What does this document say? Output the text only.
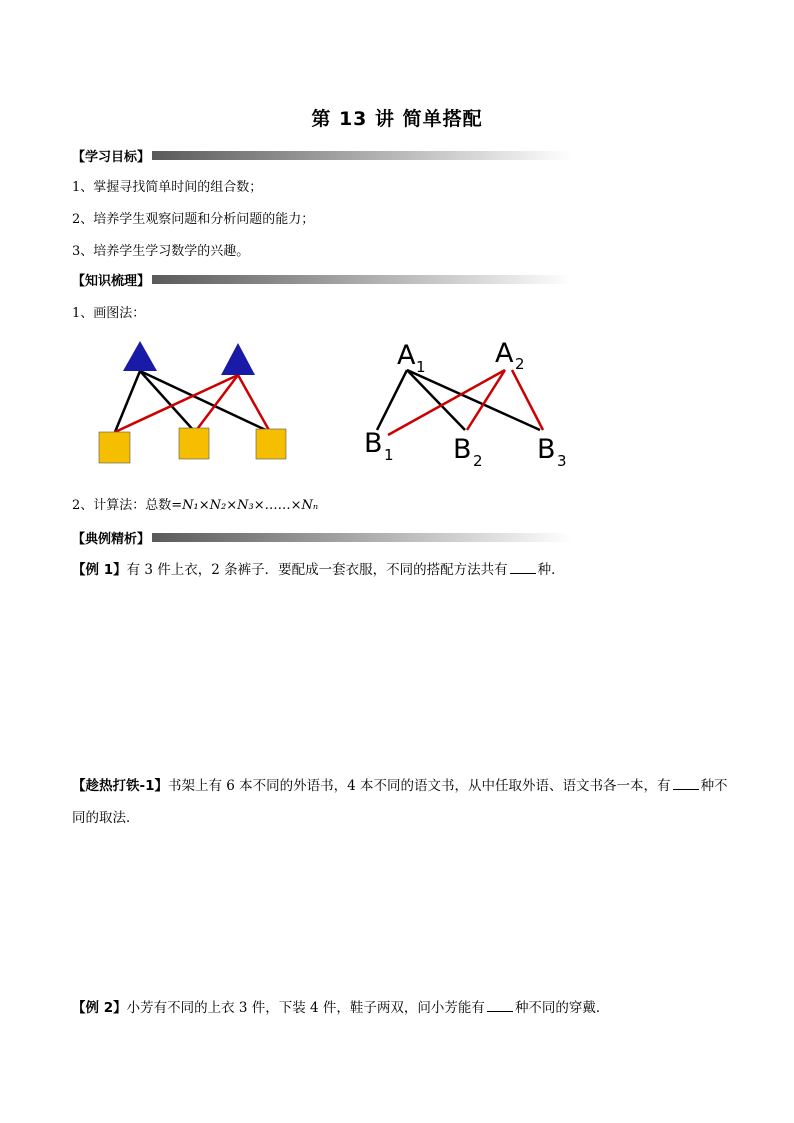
第 13 讲 简单搭配
【学习目标】
1、掌握寻找简单时间的组合数；
2、培养学生观察问题和分析问题的能力；
3、培养学生学习数学的兴趣。
【知识梳理】
1、画图法：
A 1	A 2
B 1 B 2 B 3
2、计算法：总数=N₁×N₂×N₃×……×Nₙ
【典例精析】
【例 1】有 3 件上衣，2 条裤子．要配成一套衣服，不同的搭配方法共有 种．
【趁热打铁-1】书架上有 6 本不同的外语书，4 本不同的语文书，从中任取外语、语文书各一本，有 种不同的取法．
【例 2】小芳有不同的上衣 3 件，下装 4 件，鞋子两双，问小芳能有 种不同的穿戴．
